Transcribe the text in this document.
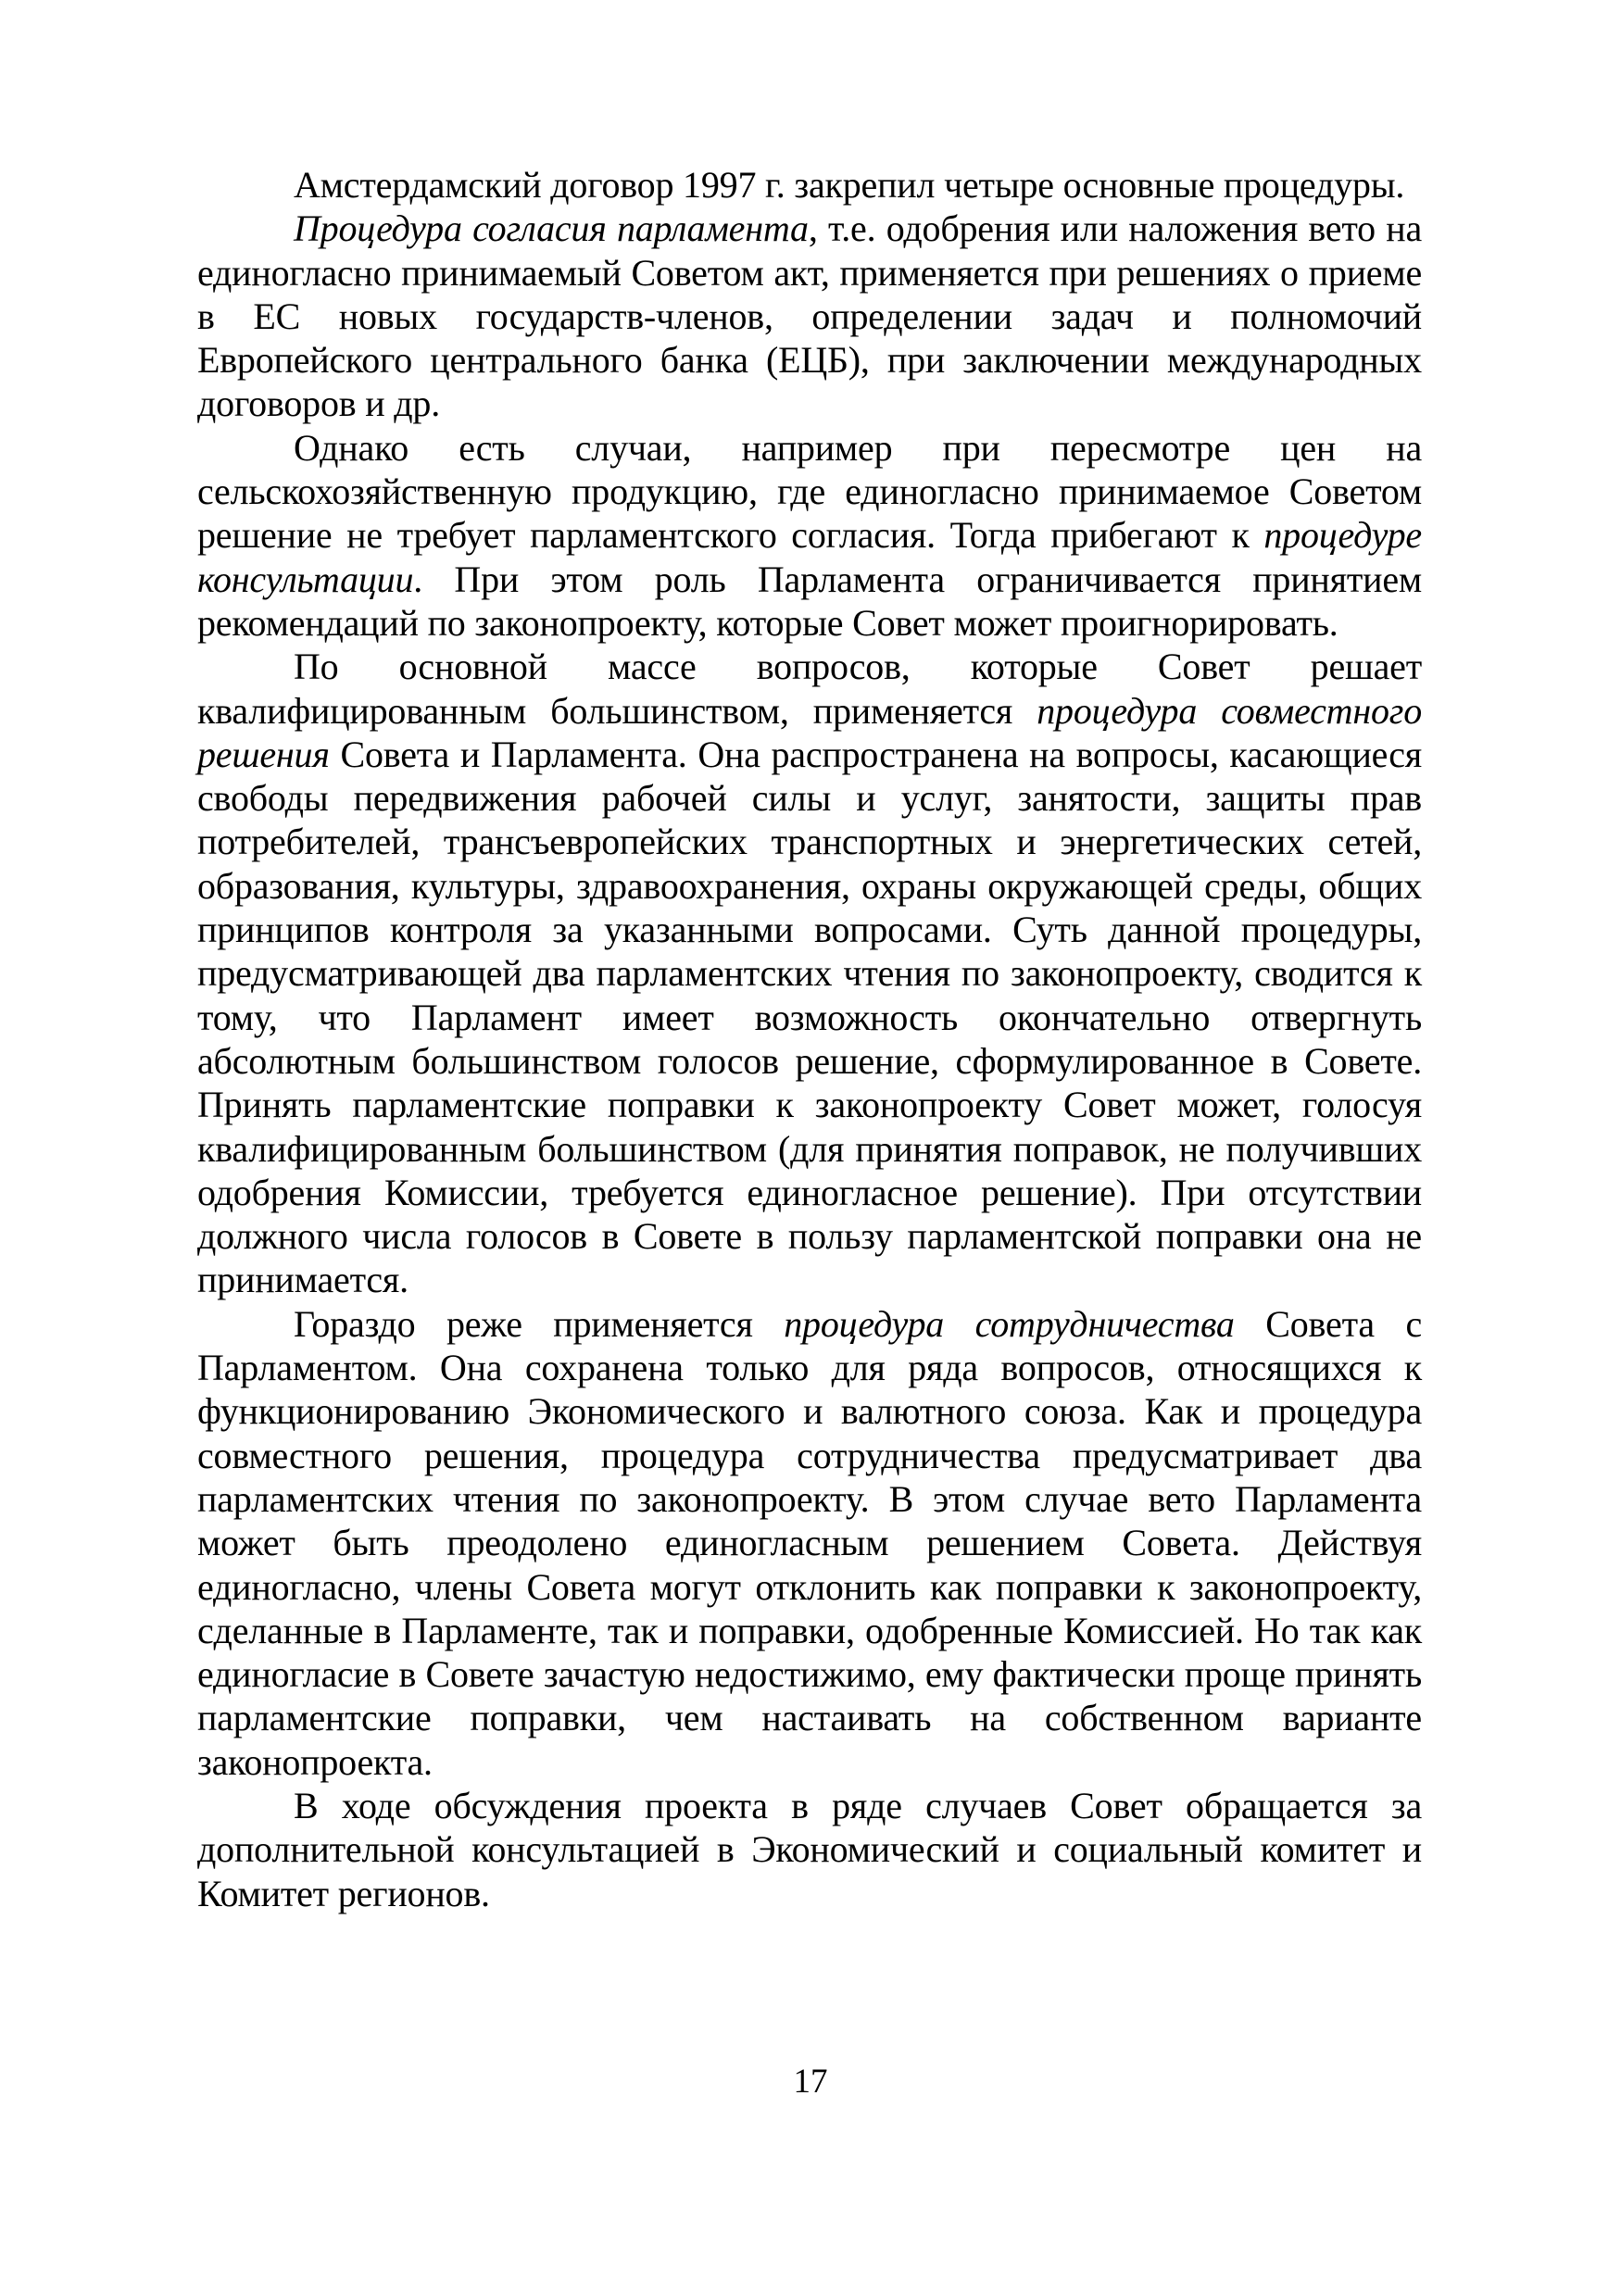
Амстердамский договор 1997 г. закрепил четыре основные процедуры.

Процедура согласия парламента, т.е. одобрения или наложения вето на единогласно принимаемый Советом акт, применяется при решениях о приеме в ЕС новых государств-членов, определении задач и полномочий Европейского центрального банка (ЕЦБ), при заключении международных договоров и др.

Однако есть случаи, например при пересмотре цен на сельскохозяйственную продукцию, где единогласно принимаемое Советом решение не требует парламентского согласия. Тогда прибегают к процедуре консультации. При этом роль Парламента ограничивается принятием рекомендаций по законопроекту, которые Совет может проигнорировать.

По основной массе вопросов, которые Совет решает квалифицированным большинством, применяется процедура совместного решения Совета и Парламента. Она распространена на вопросы, касающиеся свободы передвижения рабочей силы и услуг, занятости, защиты прав потребителей, трансъевропейских транспортных и энергетических сетей, образования, культуры, здравоохранения, охраны окружающей среды, общих принципов контроля за указанными вопросами. Суть данной процедуры, предусматривающей два парламентских чтения по законопроекту, сводится к тому, что Парламент имеет возможность окончательно отвергнуть абсолютным большинством голосов решение, сформулированное в Совете. Принять парламентские поправки к законопроекту Совет может, голосуя квалифицированным большинством (для принятия поправок, не получивших одобрения Комиссии, требуется единогласное решение). При отсутствии должного числа голосов в Совете в пользу парламентской поправки она не принимается.

Гораздо реже применяется процедура сотрудничества Совета с Парламентом. Она сохранена только для ряда вопросов, относящихся к функционированию Экономического и валютного союза. Как и процедура совместного решения, процедура сотрудничества предусматривает два парламентских чтения по законопроекту. В этом случае вето Парламента может быть преодолено единогласным решением Совета. Действуя единогласно, члены Совета могут отклонить как поправки к законопроекту, сделанные в Парламенте, так и поправки, одобренные Комиссией. Но так как единогласие в Совете зачастую недостижимо, ему фактически проще принять парламентские поправки, чем настаивать на собственном варианте законопроекта.

В ходе обсуждения проекта в ряде случаев Совет обращается за дополнительной консультацией в Экономический и социальный комитет и Комитет регионов.

17
